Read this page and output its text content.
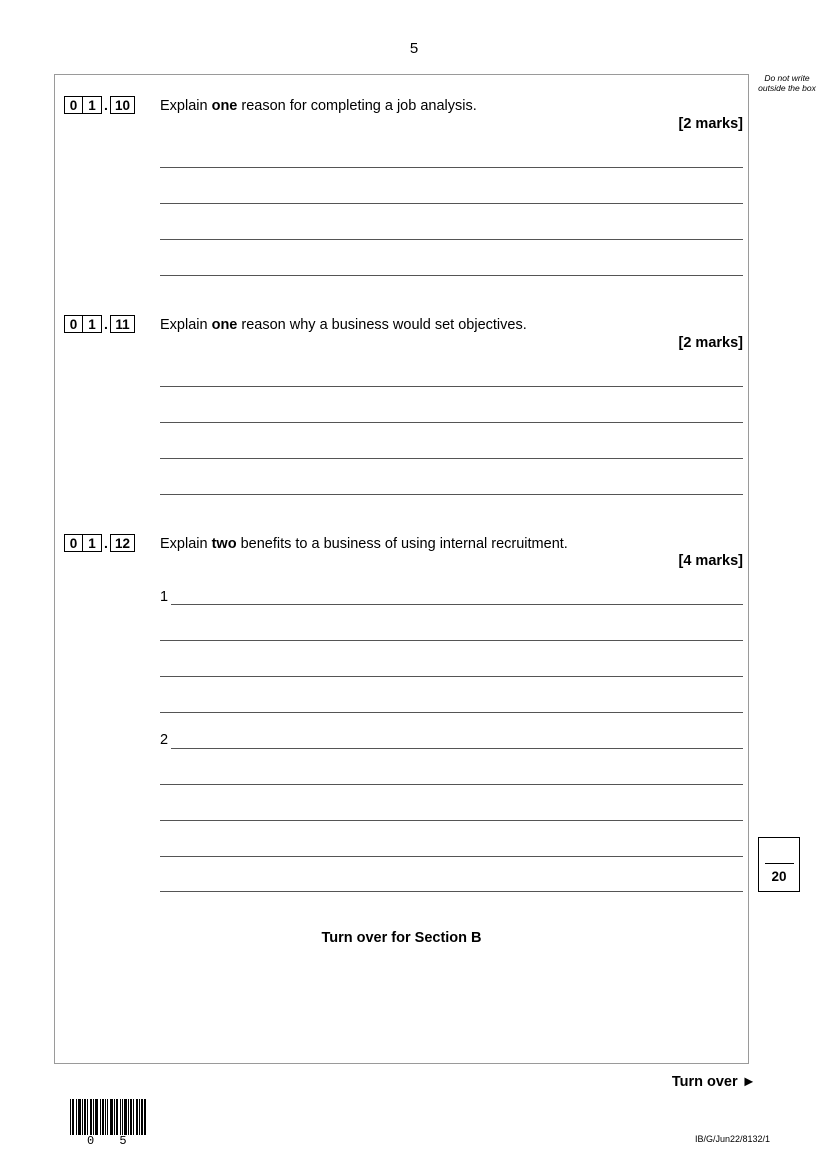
5
Do not write outside the box
0 1 . 10	Explain one reason for completing a job analysis.
[2 marks]
0 1 . 11	Explain one reason why a business would set objectives.
[2 marks]
0 1 . 12	Explain two benefits to a business of using internal recruitment.
[4 marks]
1
2
Turn over for Section B
20
Turn over ►
0 5	IB/G/Jun22/8132/1
